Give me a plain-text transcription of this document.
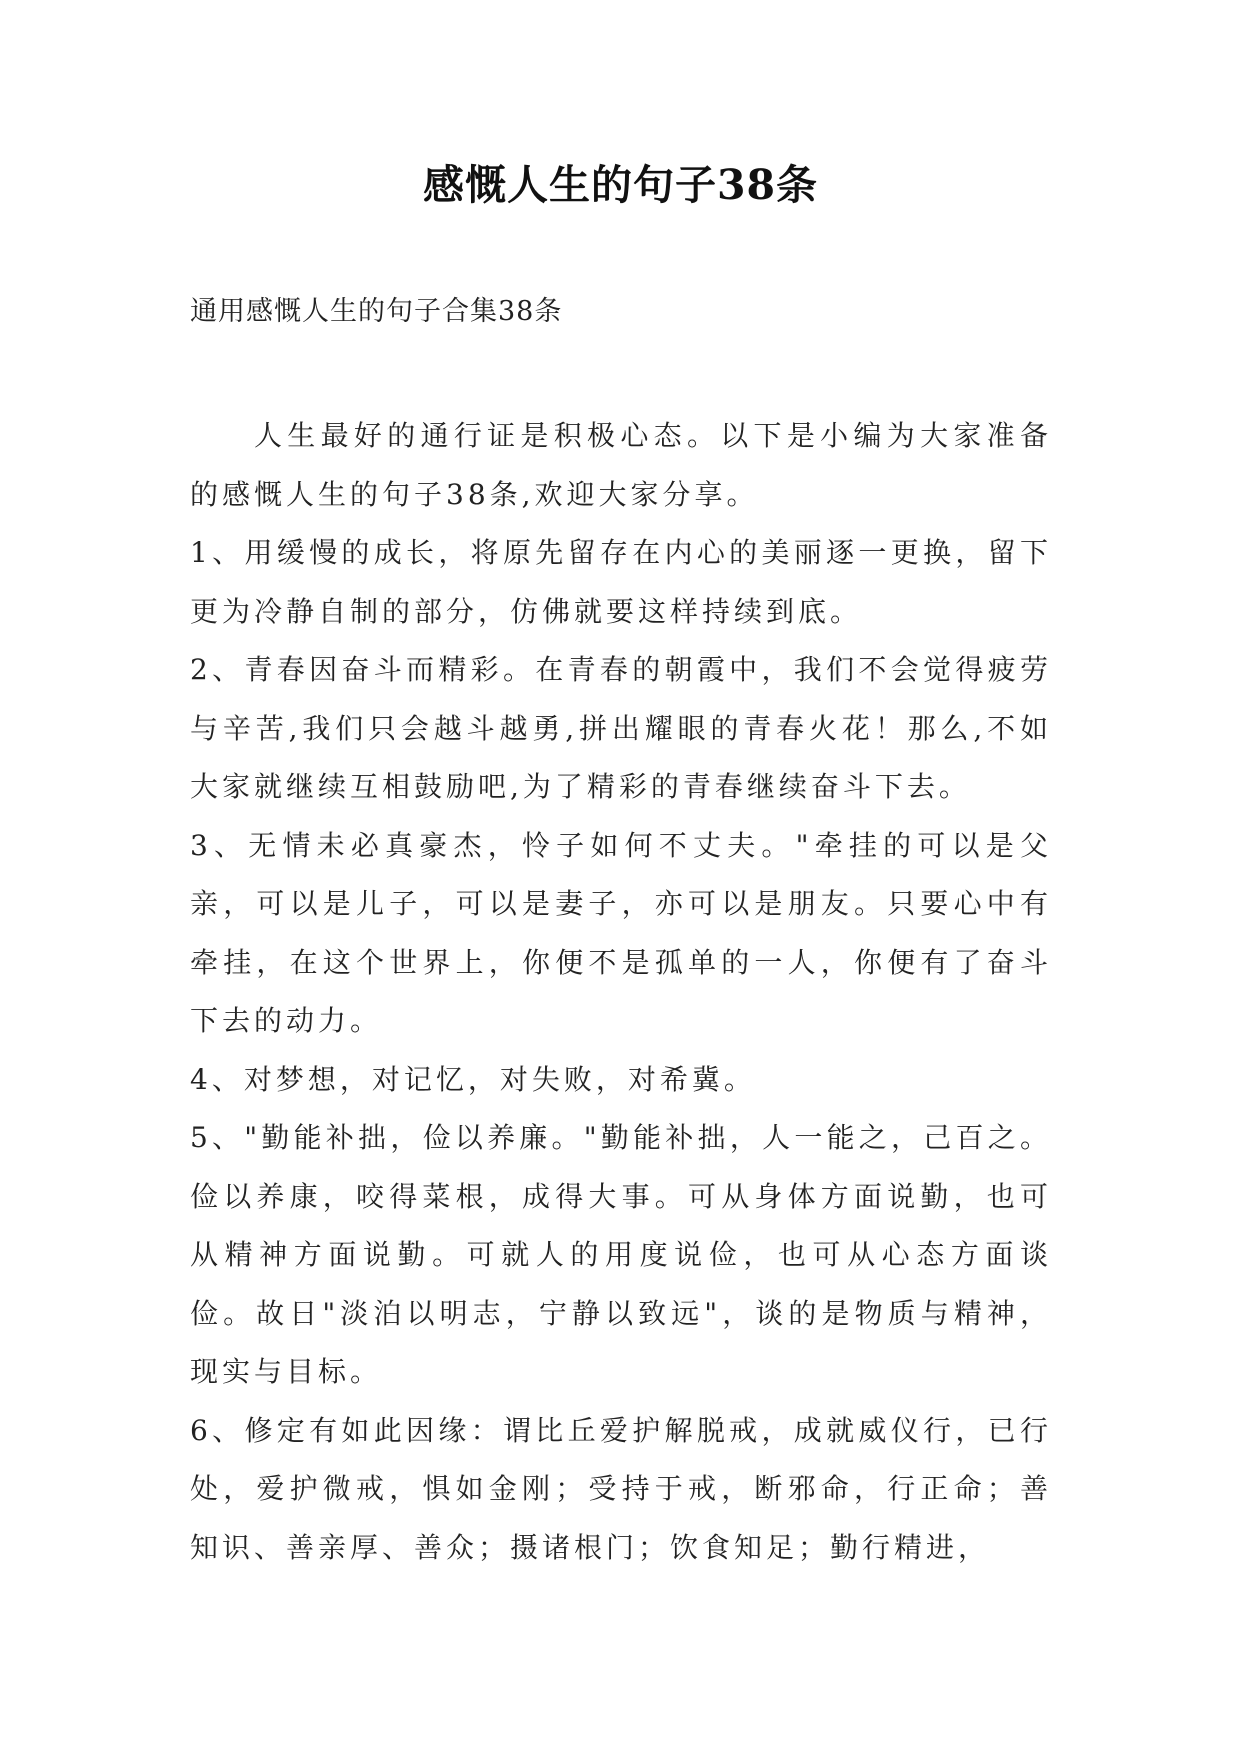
感慨人生的句子38条
通用感慨人生的句子合集38条

人生最好的通行证是积极心态。以下是小编为大家准备的感慨人生的句子38条,欢迎大家分享。

1、用缓慢的成长，将原先留存在内心的美丽逐一更换，留下更为冷静自制的部分，仿佛就要这样持续到底。

2、青春因奋斗而精彩。在青春的朝霞中，我们不会觉得疲劳与辛苦,我们只会越斗越勇,拼出耀眼的青春火花！那么,不如大家就继续互相鼓励吧,为了精彩的青春继续奋斗下去。

3、无情未必真豪杰，怜子如何不丈夫。"牵挂的可以是父亲，可以是儿子，可以是妻子，亦可以是朋友。只要心中有牵挂，在这个世界上，你便不是孤单的一人，你便有了奋斗下去的动力。

4、对梦想，对记忆，对失败，对希冀。

5、"勤能补拙，俭以养廉。"勤能补拙，人一能之，己百之。俭以养康，咬得菜根，成得大事。可从身体方面说勤，也可从精神方面说勤。可就人的用度说俭，也可从心态方面谈俭。故日"淡泊以明志，宁静以致远"，谈的是物质与精神，现实与目标。

6、修定有如此因缘：谓比丘爱护解脱戒，成就威仪行，已行处，爱护微戒，惧如金刚；受持于戒，断邪命，行正命；善知识、善亲厚、善众；摄诸根门；饮食知足；勤行精进，
